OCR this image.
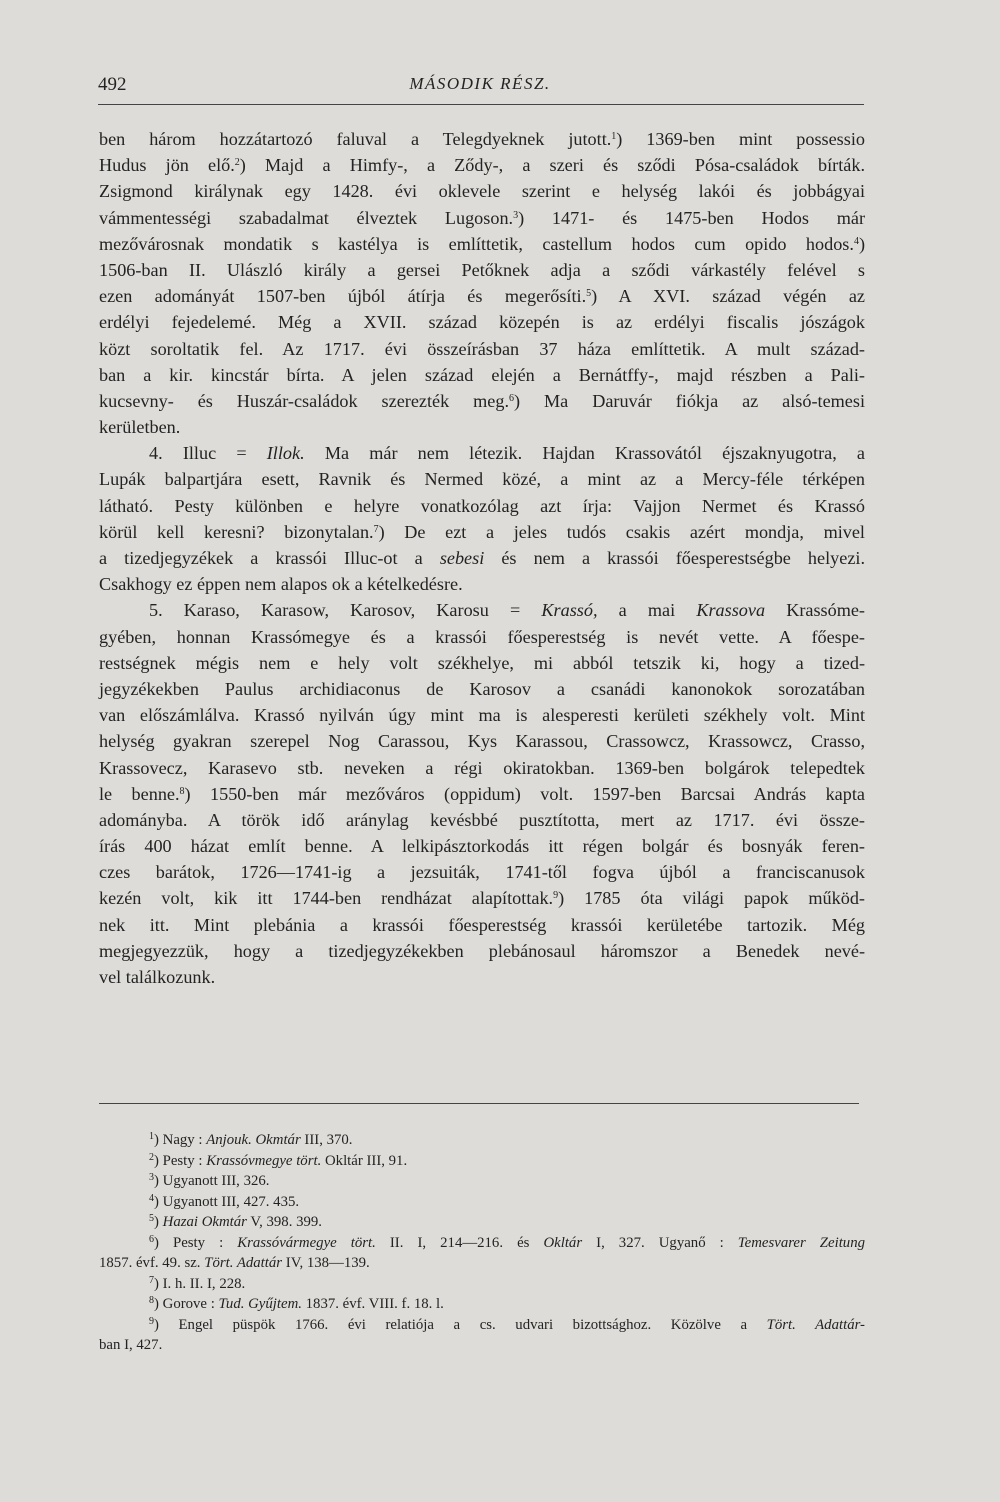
492	MÁSODIK RÉSZ.
ben három hozzátartozó faluval a Telegdyeknek jutott.$^1$) 1369-ben mint possessio
Hudus jön elő.$^2$) Majd a Himfy-, a Ződy-, a szeri és sződi Pósa-családok bírták.
Zsigmond királynak egy 1428. évi oklevele szerint e helység lakói és jobbágyai
vámmentességi szabadalmat élveztek Lugoson.$^3$) 1471- és 1475-ben Hodos már
mezővárosnak mondatik s kastélya is említtetik, castellum hodos cum opido hodos.$^4$)
1506-ban II. Ulászló király a gersei Petőknek adja a sződi várkastély felével s
ezen adományát 1507-ben újból átírja és megerősíti.$^5$) A XVI. század végén az
erdélyi fejedelemé. Még a XVII. század közepén is az erdélyi fiscalis jószágok
közt soroltatik fel. Az 1717. évi összeírásban 37 háza említtetik. A mult század-
ban a kir. kincstár bírta. A jelen század elején a Bernátffy-, majd részben a Pali-
kucsevny- és Huszár-családok szerezték meg.$^6$) Ma Daruvár fiókja az alsó-temesi
kerületben.
4. Illuc = Illok. Ma már nem létezik. Hajdan Krassovától éjszaknyugotra, a
Lupák balpartjára esett, Ravnik és Nermed közé, a mint az a Mercy-féle térképen
látható. Pesty különben e helyre vonatkozólag azt írja: Vajjon Nermet és Krassó
körül kell keresni? bizonytalan.$^7$) De ezt a jeles tudós csakis azért mondja, mivel
a tizedjegyzékek a krassói Illuc-ot a sebesi és nem a krassói főesperestségbe helyezi.
Csakhogy ez éppen nem alapos ok a kételkedésre.
5. Karaso, Karasow, Karosov, Karosu = Krassó, a mai Krassova Krassóme-
gyében, honnan Krassómegye és a krassói főesperestség is nevét vette. A főespe-
restségnek mégis nem e hely volt székhelye, mi abból tetszik ki, hogy a tized-
jegyzékekben Paulus archidiaconus de Karosov a csanádi kanonokok sorozatában
van előszámlálva. Krassó nyilván úgy mint ma is alesperesti kerületi székhely volt. Mint
helység gyakran szerepel Nog Carassou, Kys Karassou, Crassowcz, Krassowcz, Crasso,
Krassovecz, Karasevo stb. neveken a régi okiratokban. 1369-ben bolgárok telepedtek
le benne.$^8$) 1550-ben már mezőváros (oppidum) volt. 1597-ben Barcsai András kapta
adományba. A török idő aránylag kevésbbé pusztította, mert az 1717. évi össze-
írás 400 házat említ benne. A lelkipásztorkodás itt régen bolgár és bosnyák feren-
czes barátok, 1726—1741-ig a jezsuiták, 1741-től fogva újból a franciscanusok
kezén volt, kik itt 1744-ben rendházat alapítottak.$^9$) 1785 óta világi papok működ-
nek itt. Mint plebánia a krassói főesperestség krassói kerületébe tartozik. Még
megjegyezzük, hogy a tizedjegyzékekben plebánosaul háromszor a Benedek nevé-
vel találkozunk.
$^1$) Nagy : Anjouk. Okmtár III, 370.
$^2$) Pesty : Krassóvmegye tört. Okltár III, 91.
$^3$) Ugyanott III, 326.
$^4$) Ugyanott III, 427. 435.
$^5$) Hazai Okmtár V, 398. 399.
$^6$) Pesty : Krassóvármegye tört. II. I, 214—216. és Okltár I, 327. Ugyanő : Temesvarer Zeitung
1857. évf. 49. sz. Tört. Adattár IV, 138—139.
$^7$) I. h. II. I, 228.
$^8$) Gorove : Tud. Gyűjtem. 1837. évf. VIII. f. 18. l.
$^9$) Engel püspök 1766. évi relatiója a cs. udvari bizottsághoz. Közölve a Tört. Adattár-
ban I, 427.
